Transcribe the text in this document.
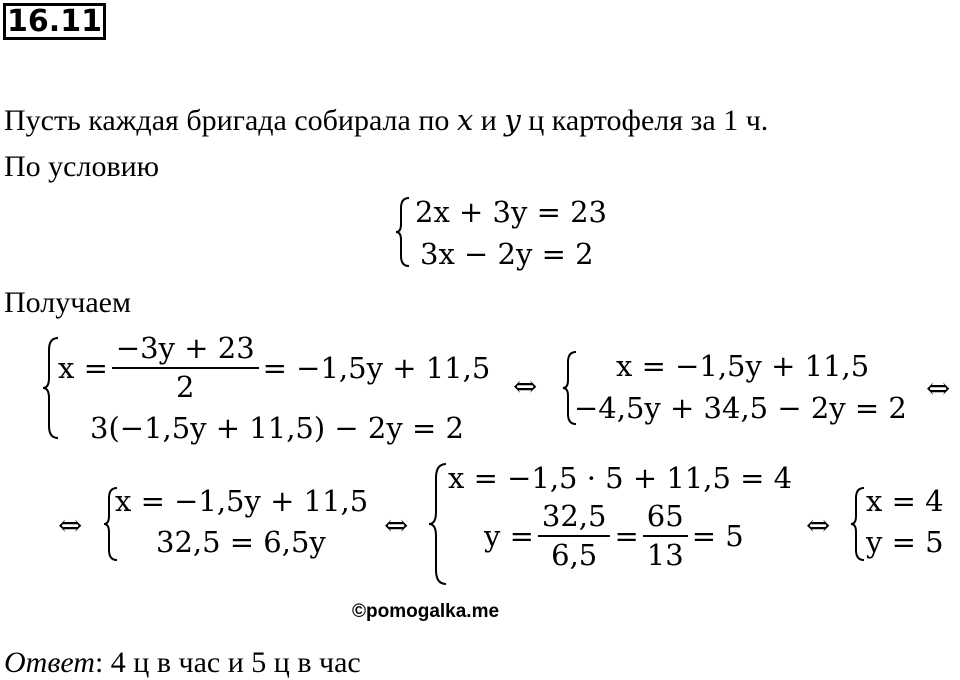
16.11
Пусть каждая бригада собирала по x и y ц картофеля за 1 ч.
По условию
2x + 3y = 23
3x − 2y = 2
Получаем
$x = \frac{-3y + 23}{2} = -1,5y + 11,5$
3(−1,5y + 11,5) − 2y = 2
⇔
x = −1,5y + 11,5
−4,5y + 34,5 − 2y = 2
⇔
⇔
x = −1,5y + 11,5
32,5 = 6,5y ⇔
x = −1,5 · 5 + 11,5 = 4
$y = \frac{32,5}{6,5} = \frac{65}{13} = 5$ ⇔
x = 4
y = 5
©pomogalka.me
Ответ: 4 ц в час и 5 ц в час
